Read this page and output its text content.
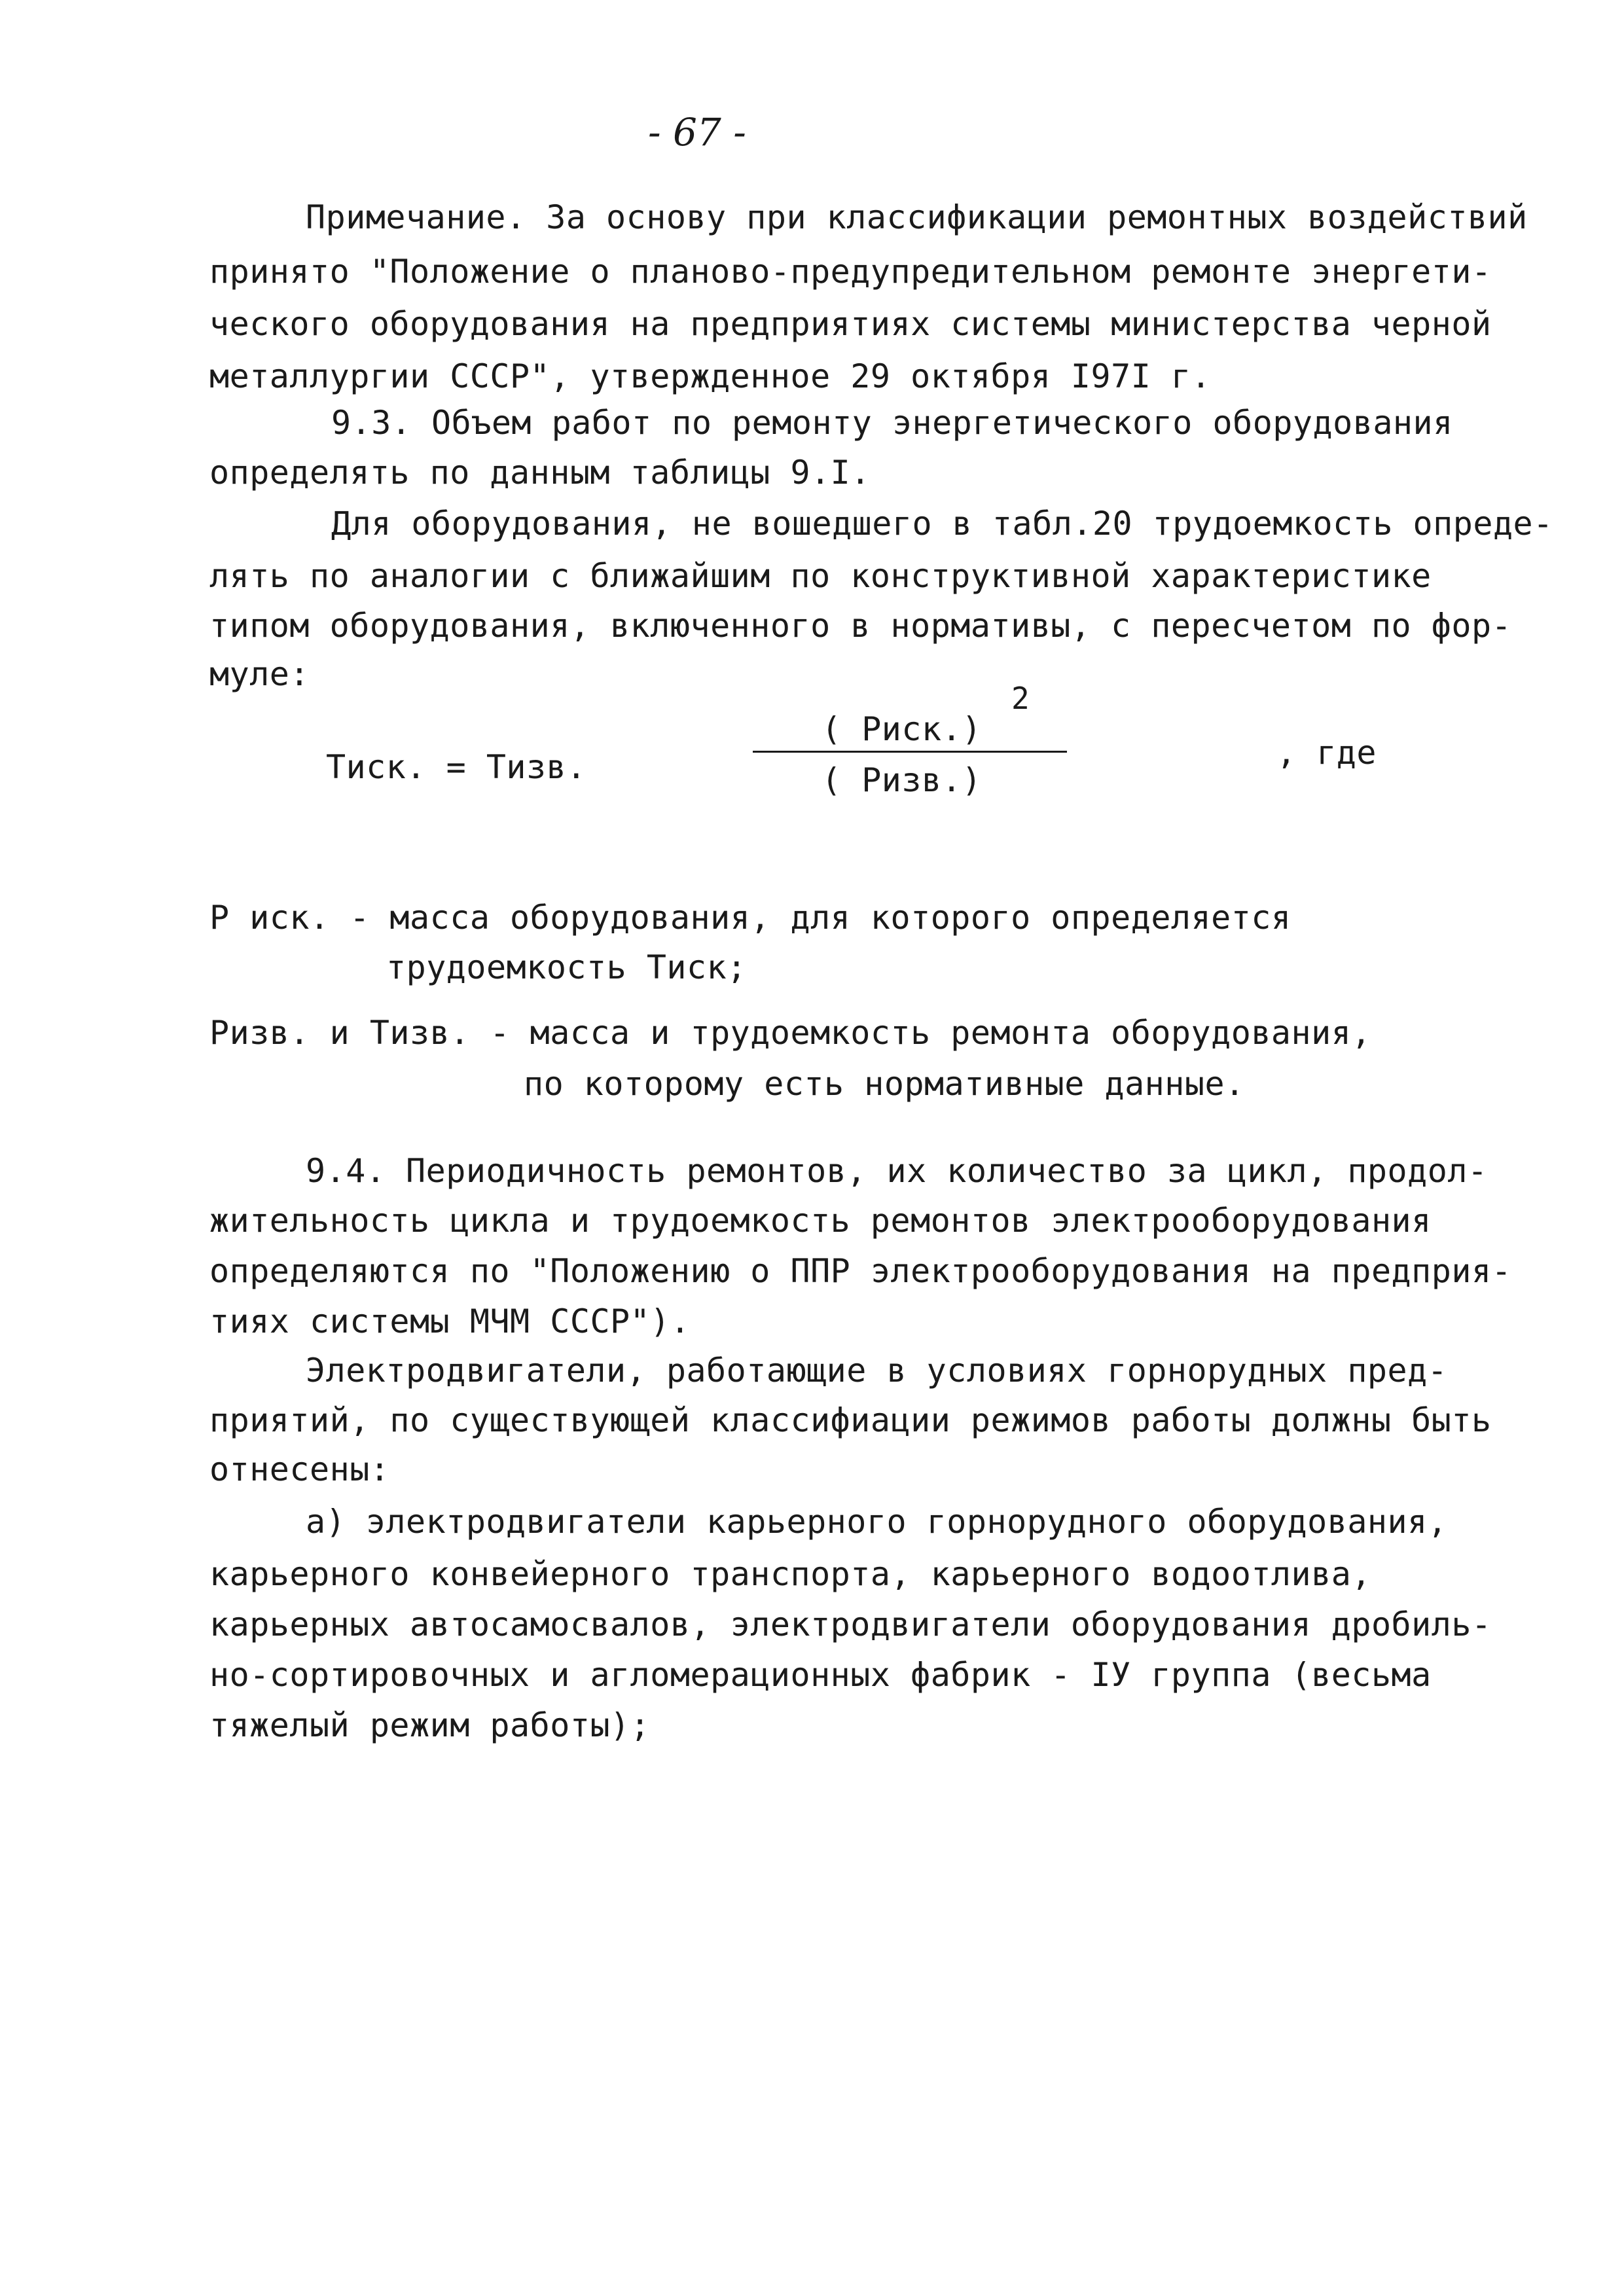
- 67 -
Примечание. За основу при классификации ремонтных воздействий
принято "Положение о планово-предупредительном ремонте энергети-
ческого оборудования на предприятиях системы министерства черной
металлургии СССР", утвержденное 29 октября I97I г.
9.3. Объем работ по ремонту энергетического оборудования
определять по данным таблицы 9.I.
Для оборудования, не вошедшего в табл.20 трудоемкость опреде-
лять по аналогии с ближайшим по конструктивной характеристике
типом оборудования, включенного в нормативы, с пересчетом по фор-
муле:
Тиск. = Тизв.
( Риск.)
2
( Ризв.)
, где
Р иск. - масса оборудования, для которого определяется
трудоемкость Тиск;
Ризв. и Тизв. - масса и трудоемкость ремонта оборудования,
по которому есть нормативные данные.
9.4. Периодичность ремонтов, их количество за цикл, продол-
жительность цикла и трудоемкость ремонтов электрооборудования
определяются по "Положению о ППР электрооборудования на предприя-
тиях системы МЧМ СССР").
Электродвигатели, работающие в условиях горнорудных пред-
приятий, по существующей классифиации режимов работы должны быть
отнесены:
а) электродвигатели карьерного горнорудного оборудования,
карьерного конвейерного транспорта, карьерного водоотлива,
карьерных автосамосвалов, электродвигатели оборудования дробиль-
но-сортировочных и агломерационных фабрик - IУ группа (весьма
тяжелый режим работы);
